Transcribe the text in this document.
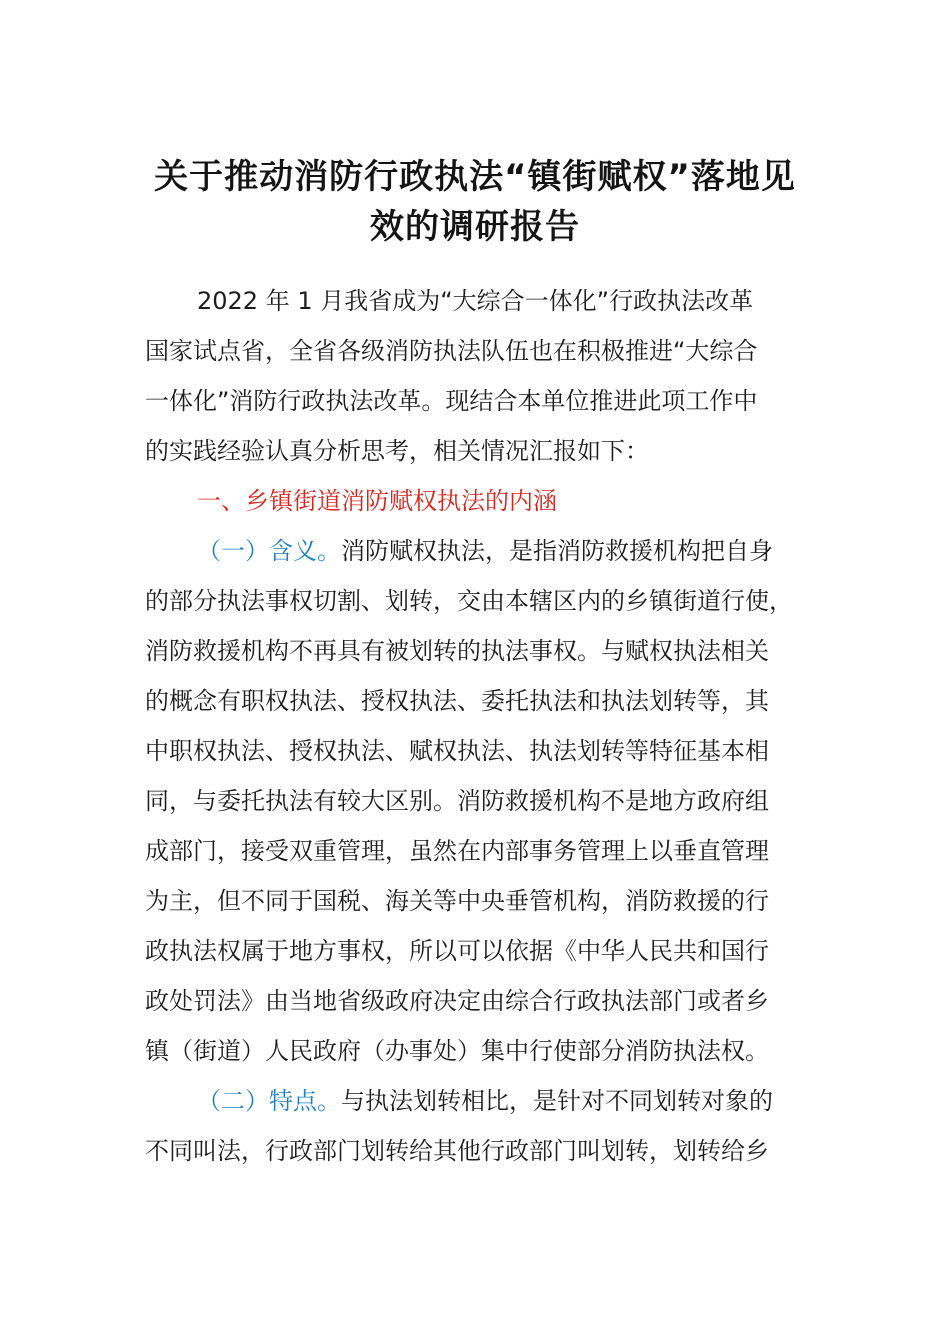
关于推动消防行政执法“镇街赋权”落地见
效的调研报告
2022 年 1 月我省成为“大综合一体化”行政执法改革
国家试点省，全省各级消防执法队伍也在积极推进“大综合
一体化”消防行政执法改革。现结合本单位推进此项工作中
的实践经验认真分析思考，相关情况汇报如下：
一、乡镇街道消防赋权执法的内涵
（一）含义。消防赋权执法，是指消防救援机构把自身
的部分执法事权切割、划转，交由本辖区内的乡镇街道行使，
消防救援机构不再具有被划转的执法事权。与赋权执法相关
的概念有职权执法、授权执法、委托执法和执法划转等，其
中职权执法、授权执法、赋权执法、执法划转等特征基本相
同，与委托执法有较大区别。消防救援机构不是地方政府组
成部门，接受双重管理，虽然在内部事务管理上以垂直管理
为主，但不同于国税、海关等中央垂管机构，消防救援的行
政执法权属于地方事权，所以可以依据《中华人民共和国行
政处罚法》由当地省级政府决定由综合行政执法部门或者乡
镇（街道）人民政府（办事处）集中行使部分消防执法权。
（二）特点。与执法划转相比，是针对不同划转对象的
不同叫法，行政部门划转给其他行政部门叫划转，划转给乡
